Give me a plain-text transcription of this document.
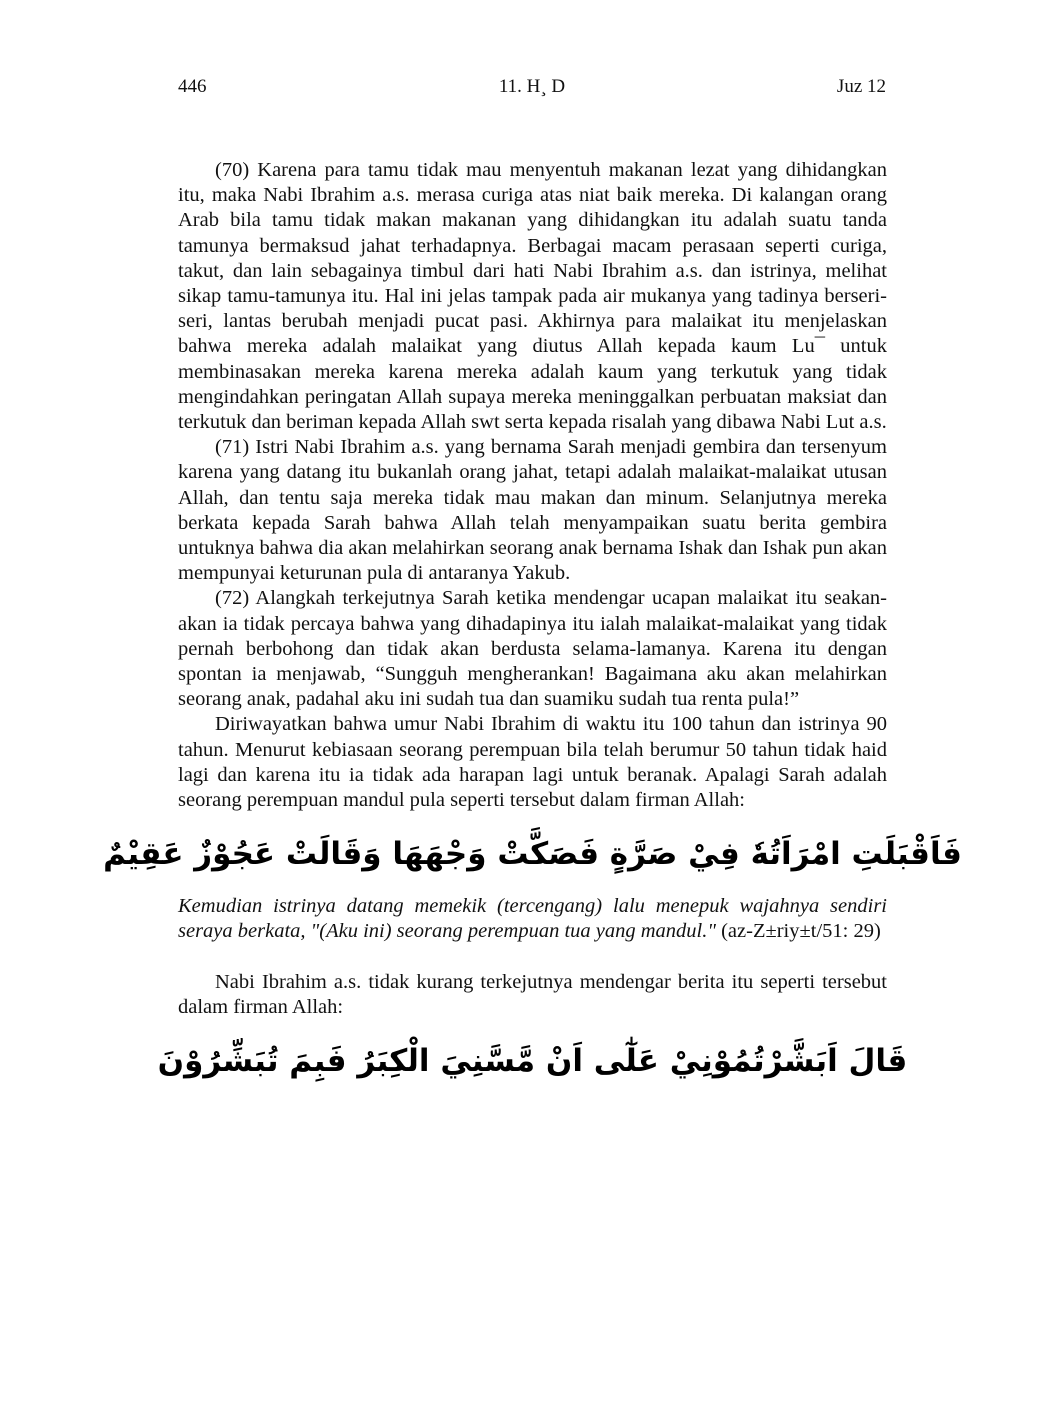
11. H¸ D
446	Juz 12

(70) Karena para tamu tidak mau menyentuh makanan lezat yang dihidangkan itu, maka Nabi Ibrahim a.s. merasa curiga atas niat baik mereka. Di kalangan orang Arab bila tamu tidak makan makanan yang dihidangkan itu adalah suatu tanda tamunya bermaksud jahat terhadapnya. Berbagai macam perasaan seperti curiga, takut, dan lain sebagainya timbul dari hati Nabi Ibrahim a.s. dan istrinya, melihat sikap tamu-tamunya itu. Hal ini jelas tampak pada air mukanya yang tadinya berseri-seri, lantas berubah menjadi pucat pasi. Akhirnya para malaikat itu menjelaskan bahwa mereka adalah malaikat yang diutus Allah kepada kaum Lu¯ untuk membinasakan mereka karena mereka adalah kaum yang terkutuk yang tidak mengindahkan peringatan Allah supaya mereka meninggalkan perbuatan maksiat dan terkutuk dan beriman kepada Allah swt serta kepada risalah yang dibawa Nabi Lut a.s.

(71) Istri Nabi Ibrahim a.s. yang bernama Sarah menjadi gembira dan tersenyum karena yang datang itu bukanlah orang jahat, tetapi adalah malaikat-malaikat utusan Allah, dan tentu saja mereka tidak mau makan dan minum. Selanjutnya mereka berkata kepada Sarah bahwa Allah telah menyampaikan suatu berita gembira untuknya bahwa dia akan melahirkan seorang anak bernama Ishak dan Ishak pun akan mempunyai keturunan pula di antaranya Yakub.

(72) Alangkah terkejutnya Sarah ketika mendengar ucapan malaikat itu seakan-akan ia tidak percaya bahwa yang dihadapinya itu ialah malaikat-malaikat yang tidak pernah berbohong dan tidak akan berdusta selama-lamanya. Karena itu dengan spontan ia menjawab, “Sungguh mengherankan! Bagaimana aku akan melahirkan seorang anak, padahal aku ini sudah tua dan suamiku sudah tua renta pula!”

Diriwayatkan bahwa umur Nabi Ibrahim di waktu itu 100 tahun dan istrinya 90 tahun. Menurut kebiasaan seorang perempuan bila telah berumur 50 tahun tidak haid lagi dan karena itu ia tidak ada harapan lagi untuk beranak. Apalagi Sarah adalah seorang perempuan mandul pula seperti tersebut dalam firman Allah:

فَاَقْبَلَتِ امْرَاَتُهٗ فِيْ صَرَّةٍ فَصَكَّتْ وَجْهَهَا وَقَالَتْ عَجُوْزٌ عَقِيْمٌ

Kemudian istrinya datang memekik (tercengang) lalu menepuk wajahnya sendiri seraya berkata, "(Aku ini) seorang perempuan tua yang mandul." (az-Z±riy±t/51: 29)

Nabi Ibrahim a.s. tidak kurang terkejutnya mendengar berita itu seperti tersebut dalam firman Allah:

قَالَ اَبَشَّرْتُمُوْنِيْ عَلٰٓى اَنْ مَّسَّنِيَ الْكِبَرُ فَبِمَ تُبَشِّرُوْنَ
